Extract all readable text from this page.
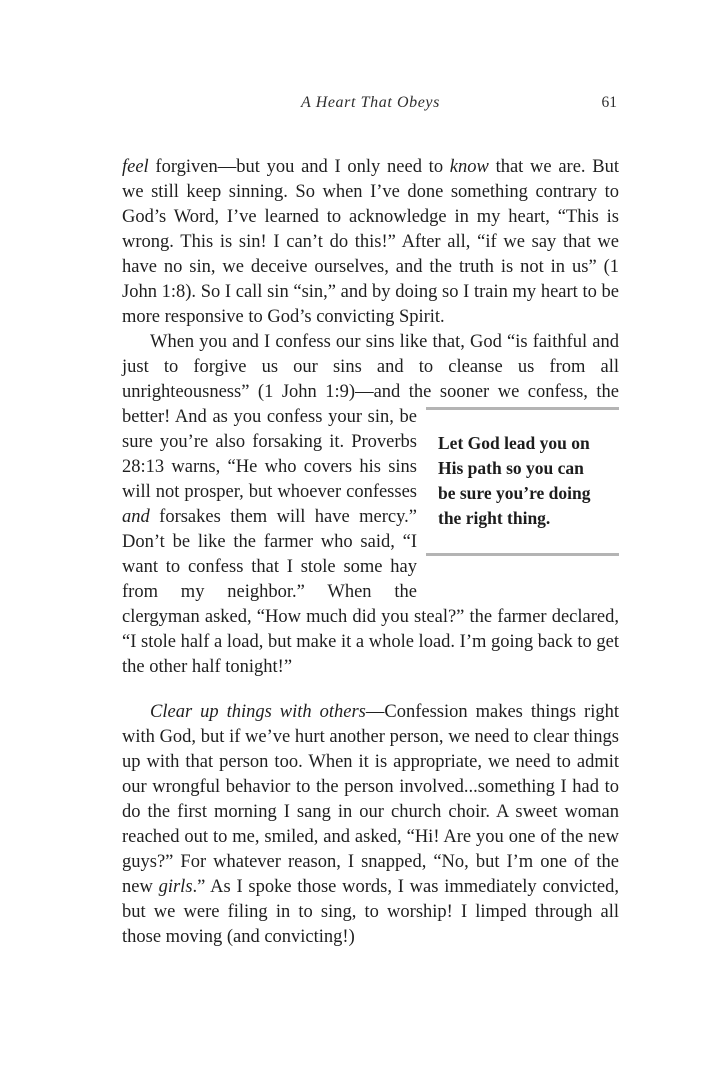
A Heart That Obeys	61

feel forgiven—but you and I only need to know that we are. But we still keep sinning. So when I’ve done something contrary to God’s Word, I’ve learned to acknowledge in my heart, “This is wrong. This is sin! I can’t do this!” After all, “if we say that we have no sin, we deceive ourselves, and the truth is not in us” (1 John 1:8). So I call sin “sin,” and by doing so I train my heart to be more responsive to God’s convicting Spirit.

When you and I confess our sins like that, God “is faithful and just to forgive us our sins and to cleanse us from all unrighteousness” (1 John 1:9)—and the sooner we confess, the
Let God lead you on
His path so you can
be sure you’re doing
the right thing.
better! And as you confess your sin, be sure you’re also forsaking it. Proverbs 28:13 warns, “He who covers his sins will not prosper, but whoever confesses and forsakes them will have mercy.” Don’t be like the farmer who said, “I want to confess that I stole some hay from my neighbor.” When the clergyman asked, “How much did you steal?” the farmer declared, “I stole half a load, but make it a whole load. I’m going back to get the other half tonight!”

Clear up things with others—Confession makes things right with God, but if we’ve hurt another person, we need to clear things up with that person too. When it is appropriate, we need to admit our wrongful behavior to the person involved...something I had to do the first morning I sang in our church choir. A sweet woman reached out to me, smiled, and asked, “Hi! Are you one of the new guys?” For whatever reason, I snapped, “No, but I’m one of the new girls.” As I spoke those words, I was immediately convicted, but we were filing in to sing, to worship! I limped through all those moving (and convicting!)
